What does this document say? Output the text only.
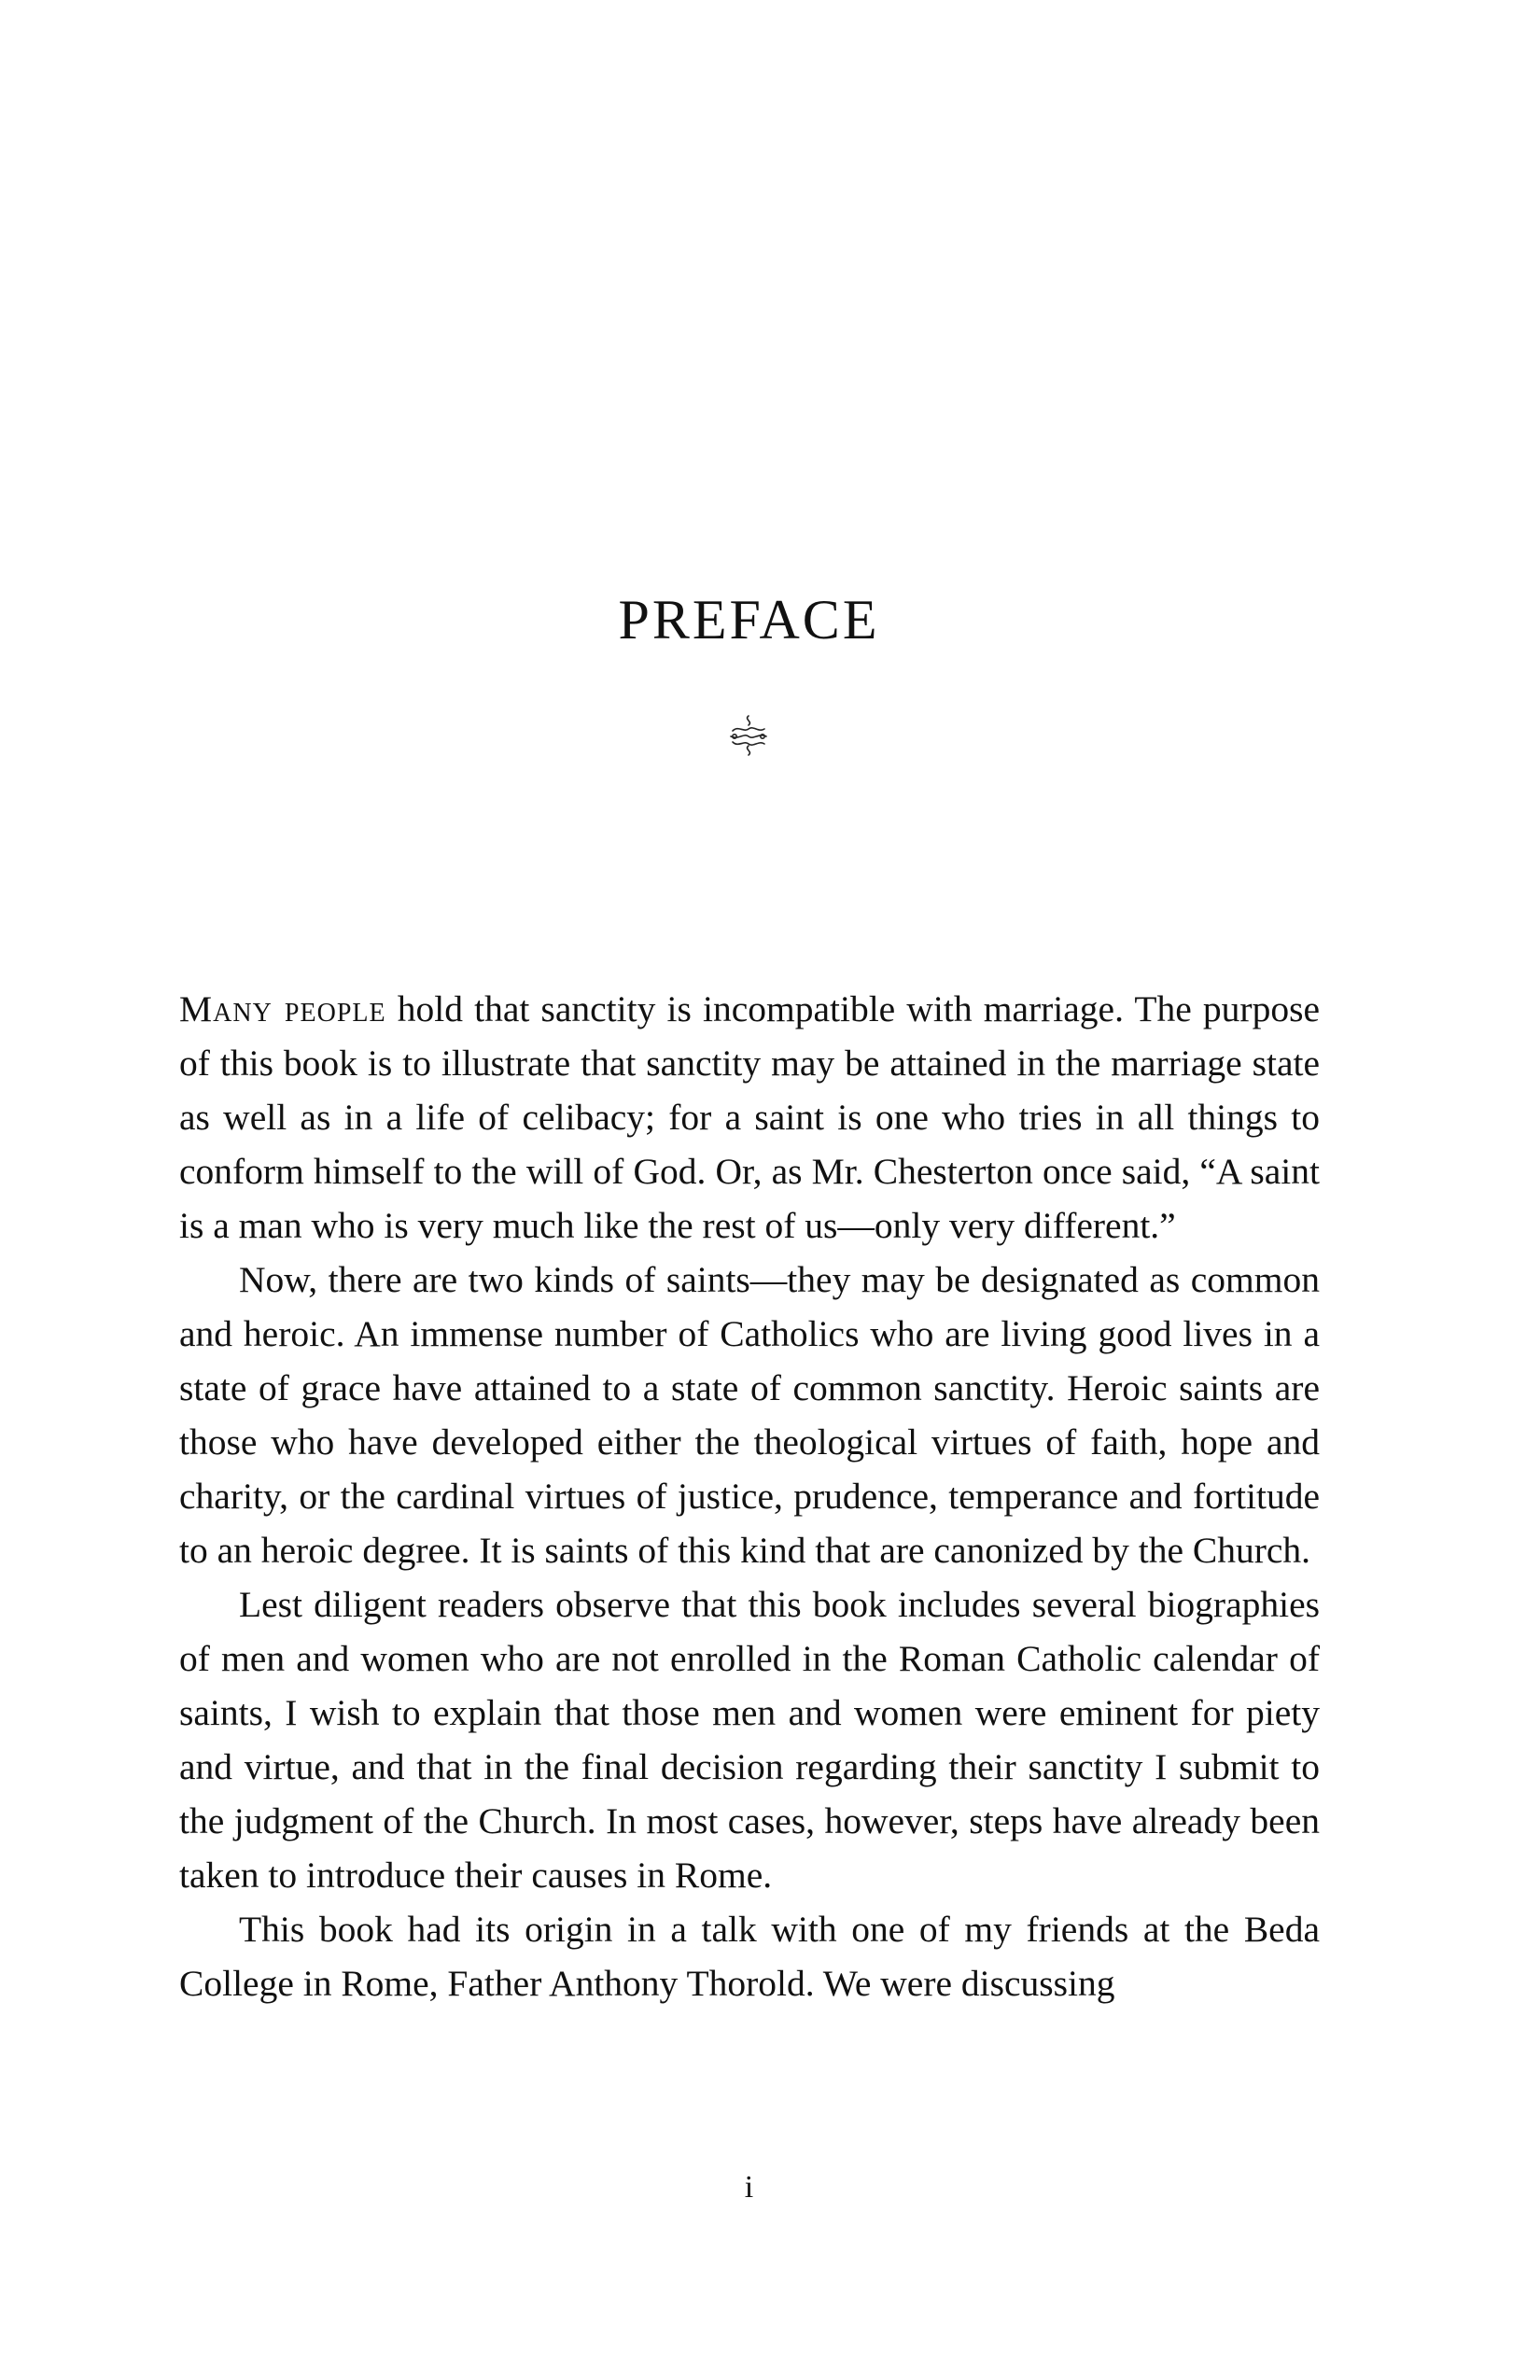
PREFACE

Many people hold that sanctity is incompatible with marriage. The purpose of this book is to illustrate that sanctity may be attained in the marriage state as well as in a life of celibacy; for a saint is one who tries in all things to conform himself to the will of God. Or, as Mr. Chesterton once said, “A saint is a man who is very much like the rest of us—only very different.”

Now, there are two kinds of saints—they may be designated as common and heroic. An immense number of Catholics who are living good lives in a state of grace have attained to a state of common sanctity. Heroic saints are those who have developed either the theological virtues of faith, hope and charity, or the cardinal virtues of justice, prudence, temperance and fortitude to an heroic degree. It is saints of this kind that are canonized by the Church.

Lest diligent readers observe that this book includes several biographies of men and women who are not enrolled in the Roman Catholic calendar of saints, I wish to explain that those men and women were eminent for piety and virtue, and that in the final decision regarding their sanctity I submit to the judgment of the Church. In most cases, however, steps have already been taken to introduce their causes in Rome.

This book had its origin in a talk with one of my friends at the Beda College in Rome, Father Anthony Thorold. We were discussing

i
